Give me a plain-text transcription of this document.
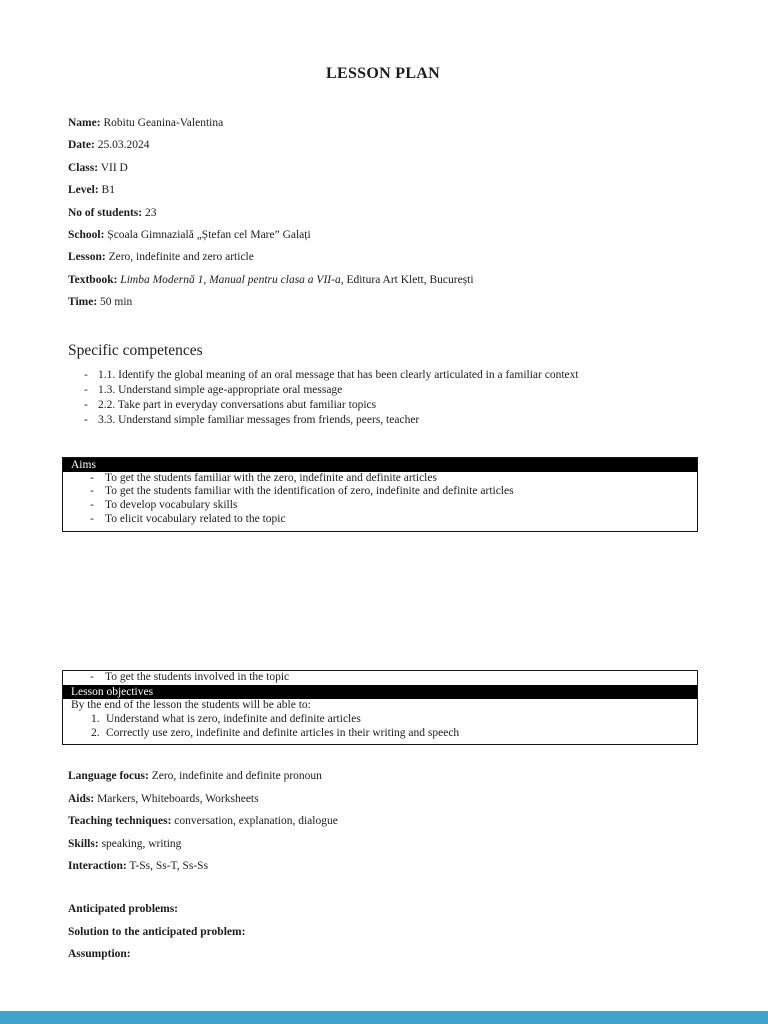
LESSON PLAN

Name: Robitu Geanina-Valentina

Date: 25.03.2024

Class: VII D

Level: B1

No of students: 23

School: Școala Gimnazială „Ștefan cel Mare” Galați

Lesson: Zero, indefinite and zero article

Textbook: Limba Modernă 1, Manual pentru clasa a VII-a, Editura Art Klett, București

Time: 50 min

Specific competences
- 1.1. Identify the global meaning of an oral message that has been clearly articulated in a familiar context
- 1.3. Understand simple age-appropriate oral message
- 2.2. Take part in everyday conversations abut familiar topics
- 3.3. Understand simple familiar messages from friends, peers, teacher
Aims
- To get the students familiar with the zero, indefinite and definite articles
- To get the students familiar with the identification of zero, indefinite and definite articles
- To develop vocabulary skills
- To elicit vocabulary related to the topic
- To get the students involved in the topic
Lesson objectives
By the end of the lesson the students will be able to:
1. Understand what is zero, indefinite and definite articles
2. Correctly use zero, indefinite and definite articles in their writing and speech

Language focus: Zero, indefinite and definite pronoun

Aids: Markers, Whiteboards, Worksheets

Teaching techniques: conversation, explanation, dialogue

Skills: speaking, writing

Interaction: T-Ss, Ss-T, Ss-Ss

Anticipated problems:

Solution to the anticipated problem:

Assumption:
